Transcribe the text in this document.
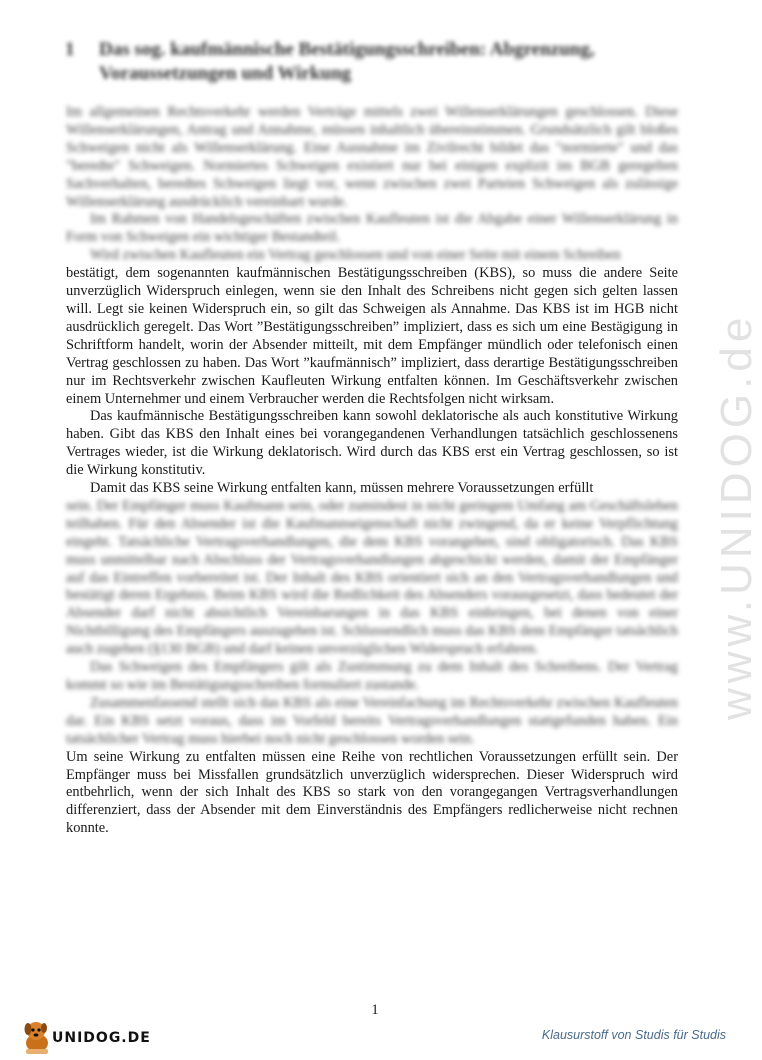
1	Das sog. kaufmännische Bestätigungsschreiben: Abgrenzung, Voraussetzungen und Wirkung

Im allgemeinen Rechtsverkehr werden Verträge mittels zwei Willenserklärungen geschlossen. Diese Willenserklärungen, Antrag und Annahme, müssen inhaltlich übereinstimmen. Grundsätzlich gilt bloßes Schweigen nicht als Willenserklärung. Eine Ausnahme im Zivilrecht bildet das "normierte" und das "beredte" Schweigen. Normiertes Schweigen existiert nur bei einigen explizit im BGB geregelten Sachverhalten, beredtes Schweigen liegt vor, wenn zwischen zwei Parteien Schweigen als zulässige Willenserklärung ausdrücklich vereinbart wurde.

Im Rahmen von Handelsgeschäften zwischen Kaufleuten ist die Abgabe einer Willenserklärung in Form von Schweigen ein wichtiger Bestandteil.

Wird zwischen Kaufleuten ein Vertrag geschlossen und von einer Seite mit einem Schreiben

bestätigt, dem sogenannten kaufmännischen Bestätigungsschreiben (KBS), so muss die andere Seite unverzüglich Widerspruch einlegen, wenn sie den Inhalt des Schreibens nicht gegen sich gelten lassen will. Legt sie keinen Widerspruch ein, so gilt das Schweigen als Annahme. Das KBS ist im HGB nicht ausdrücklich geregelt. Das Wort ”Bestätigungsschreiben” impliziert, dass es sich um eine Bestägigung in Schriftform handelt, worin der Absender mitteilt, mit dem Empfänger mündlich oder telefonisch einen Vertrag geschlossen zu haben. Das Wort ”kaufmännisch” impliziert, dass derartige Bestätigungsschreiben nur im Rechtsverkehr zwischen Kaufleuten Wirkung entfalten können. Im Geschäftsverkehr zwischen einem Unternehmer und einem Verbraucher werden die Rechtsfolgen nicht wirksam.

Das kaufmännische Bestätigungsschreiben kann sowohl deklatorische als auch konstitutive Wirkung haben. Gibt das KBS den Inhalt eines bei vorangegandenen Verhandlungen tatsächlich geschlossenens Vertrages wieder, ist die Wirkung deklatorisch. Wird durch das KBS erst ein Vertrag geschlossen, so ist die Wirkung konstitutiv.

Damit das KBS seine Wirkung entfalten kann, müssen mehrere Voraussetzungen erfüllt

sein. Der Empfänger muss Kaufmann sein, oder zumindest in nicht geringem Umfang am Geschäftsleben teilhaben. Für den Absender ist die Kaufmannseigenschaft nicht zwingend, da er keine Verpflichtung eingeht. Tatsächliche Vertragsverhandlungen, die dem KBS vorangehen, sind obligatorisch. Das KBS muss unmittelbar nach Abschluss der Vertragsverhandlungen abgeschickt werden, damit der Empfänger auf das Eintreffen vorbereitet ist. Der Inhalt des KBS orientiert sich an den Vertragsverhandlungen und bestätigt deren Ergebnis. Beim KBS wird die Redlichkeit des Absenders vorausgesetzt, dass bedeutet der Absender darf nicht absichtlich Vereinbarungen in das KBS einbringen, bei denen von einer Nichtbilligung des Empfängers auszugehen ist. Schlussendlich muss das KBS dem Empfänger tatsächlich auch zugehen (§130 BGB) und darf keinen unverzüglichen Widerspruch erfahren.

Das Schweigen des Empfängers gilt als Zustimmung zu dem Inhalt des Schreibens. Der Vertrag kommt so wie im Bestätigungsschreiben formuliert zustande.

Zusammenfassend stellt sich das KBS als eine Vereinfachung im Rechtsverkehr zwischen Kaufleuten dar. Ein KBS setzt voraus, dass im Vorfeld bereits Vertragsverhandlungen stattgefunden haben. Ein tatsächlicher Vertrag muss hierbei noch nicht geschlossen worden sein.

Um seine Wirkung zu entfalten müssen eine Reihe von rechtlichen Voraussetzungen erfüllt sein. Der Empfänger muss bei Missfallen grundsätzlich unverzüglich widersprechen. Dieser Widerspruch wird entbehrlich, wenn der sich Inhalt des KBS so stark von den vorangegangen Vertragsverhandlungen differenziert, dass der Absender mit dem Einverständnis des Empfängers redlicherweise nicht rechnen konnte.

www.UNIDOG.de
1
UNIDOG.DE	Klausurstoff von Studis für Studis
